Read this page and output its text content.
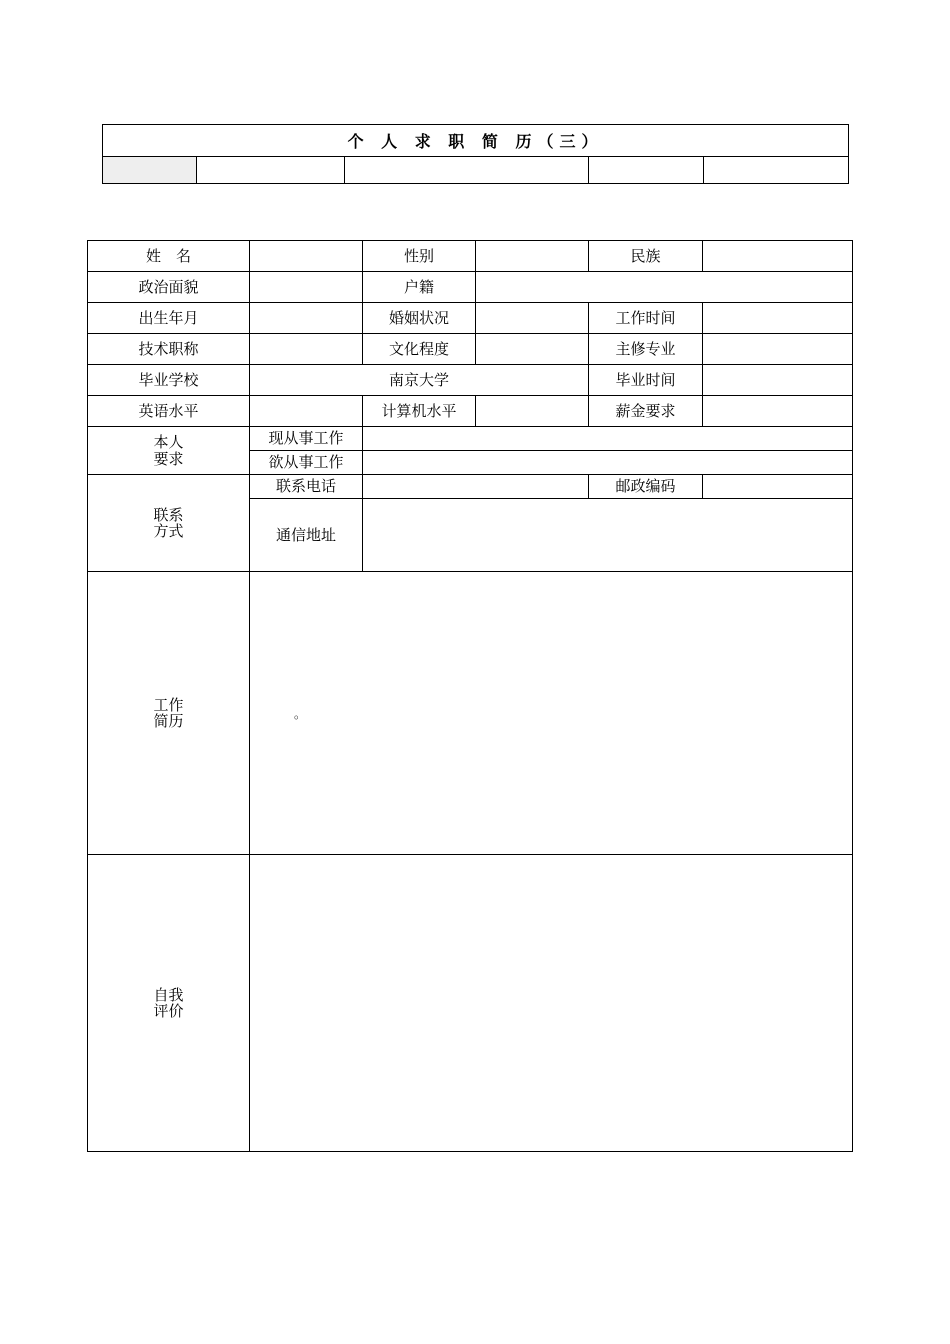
个 人 求 职 简 历（三）

姓　名		性别		民族	
政治面貌		户籍			
出生年月		婚姻状况		工作时间	
技术职称		文化程度		主修专业	
毕业学校	南京大学			毕业时间	
英语水平		计算机水平		薪金要求	
本人
要求	现从事工作				
	欲从事工作				
联系
方式	联系电话			邮政编码	
	通信地址				
工作
简历	。				

自我
评价					
